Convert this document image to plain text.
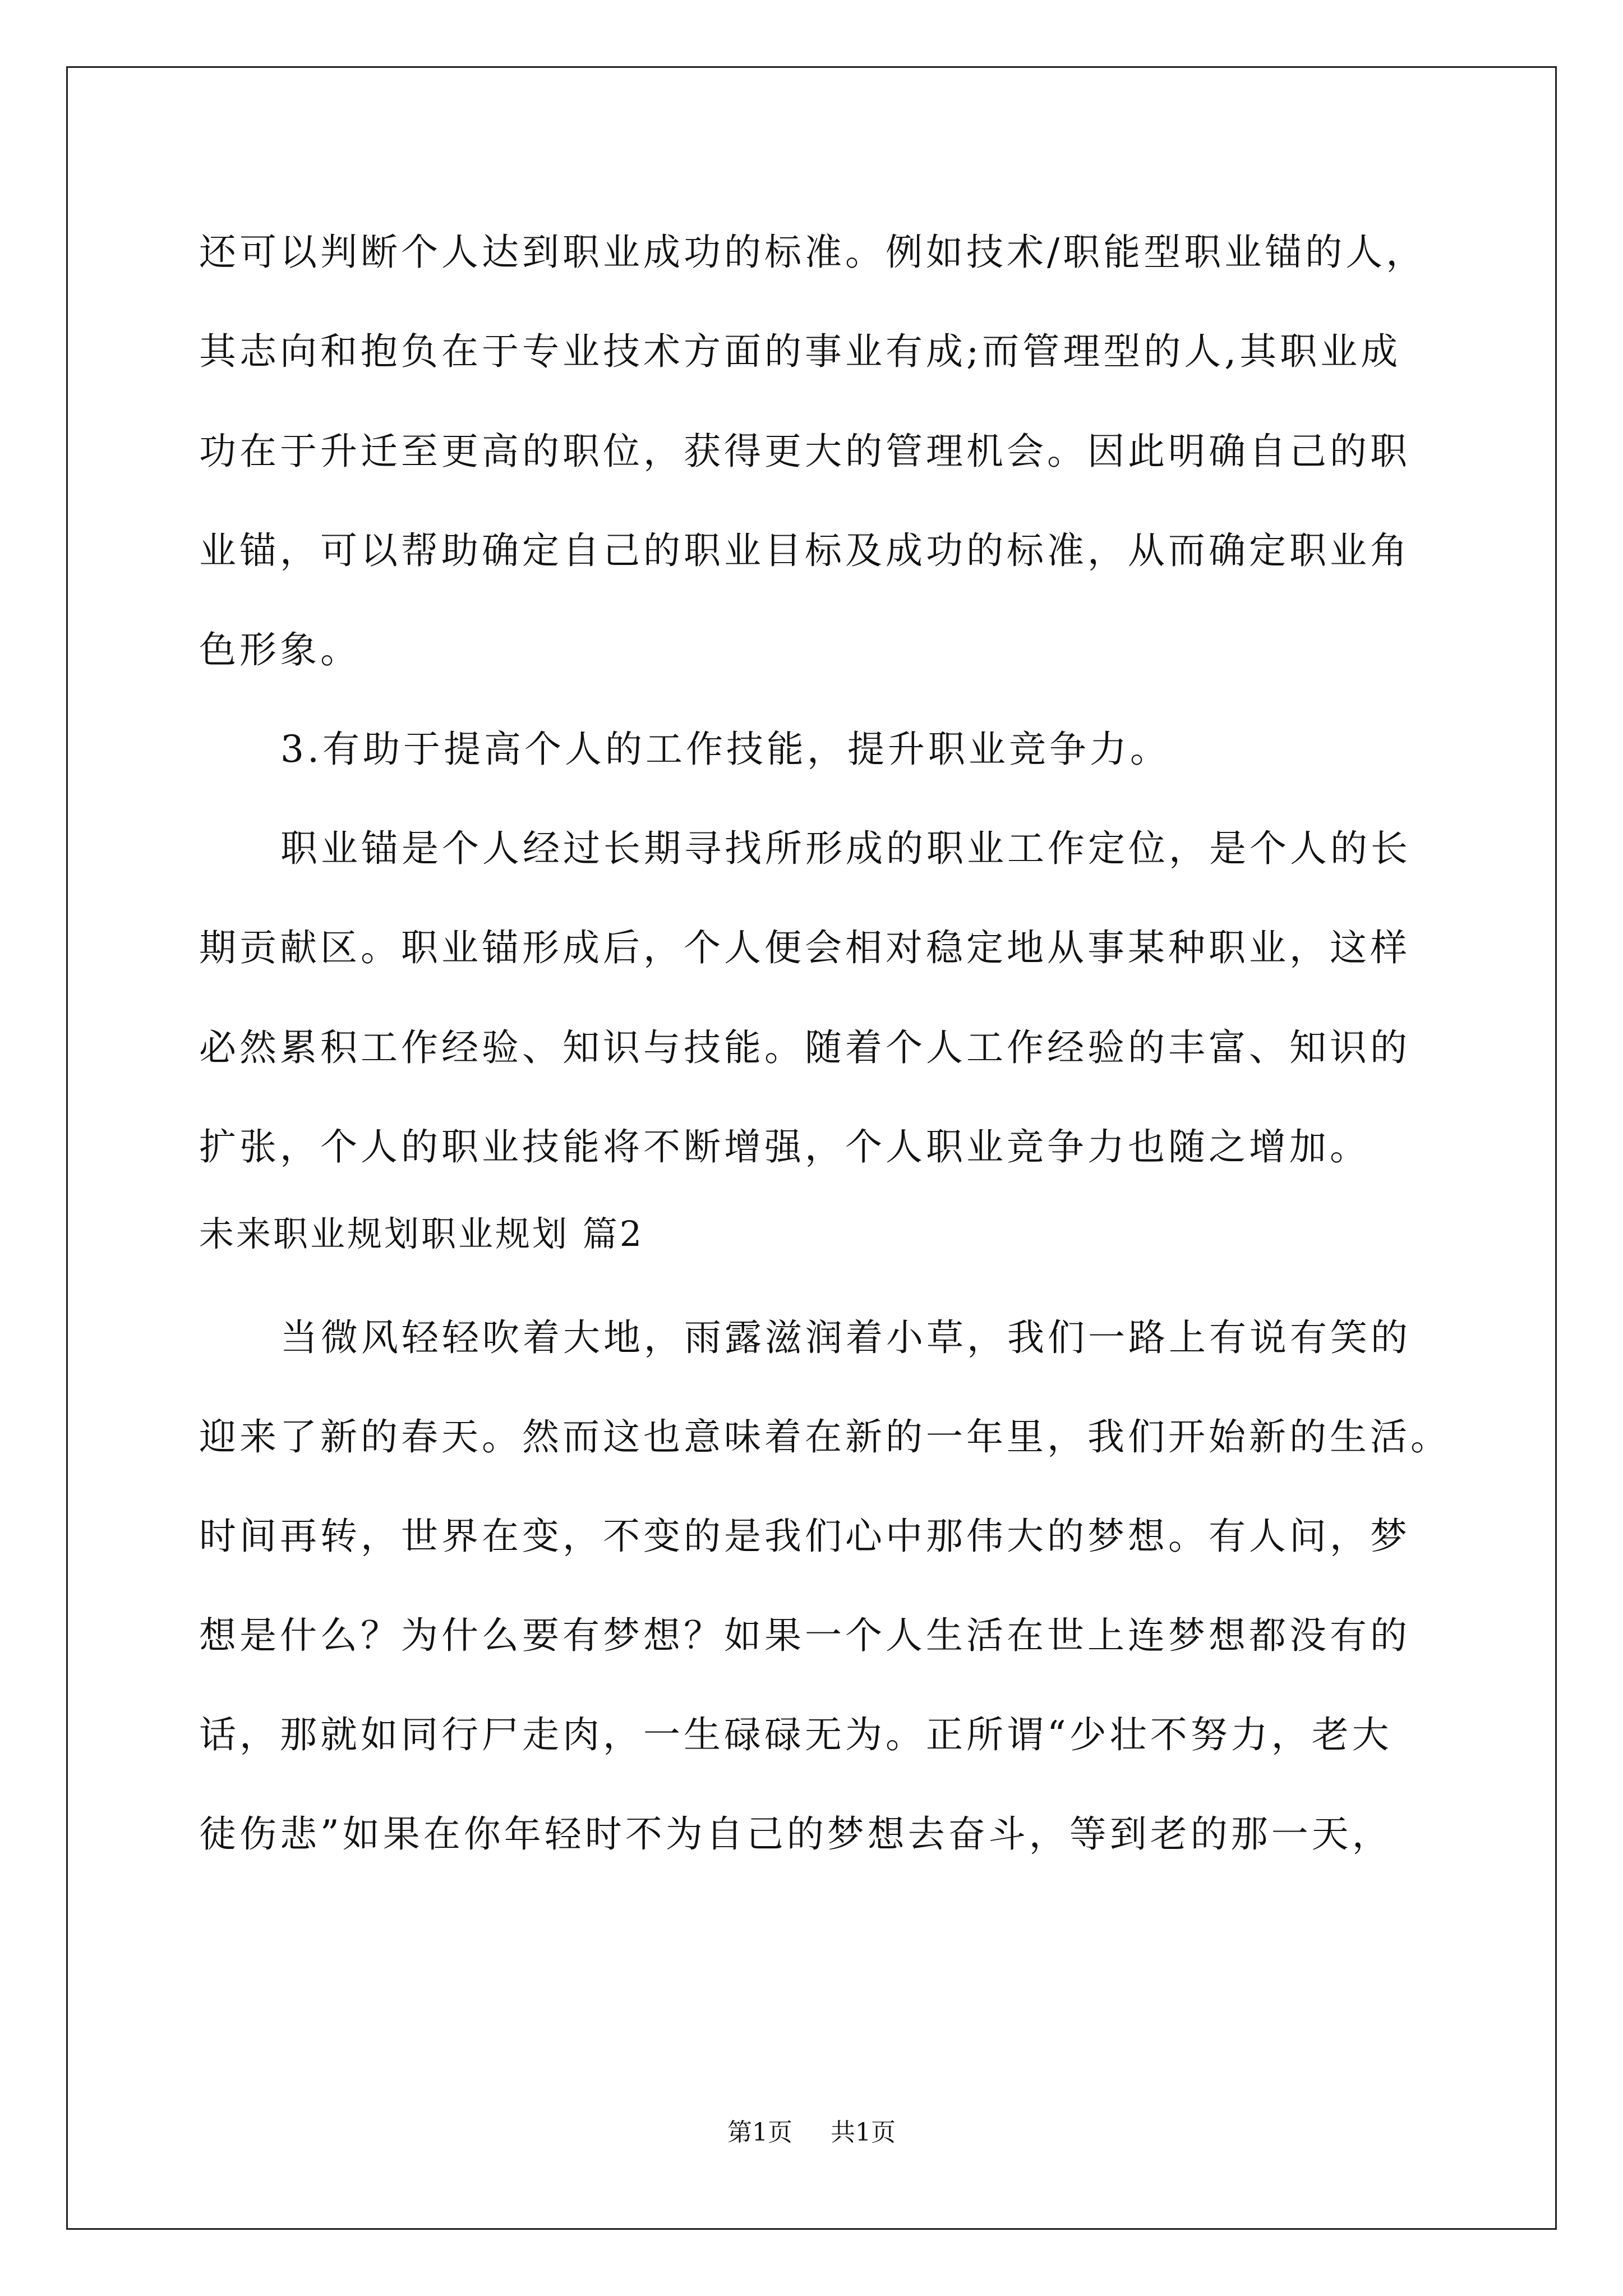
还可以判断个人达到职业成功的标准。例如技术/职能型职业锚的人，
其志向和抱负在于专业技术方面的事业有成;而管理型的人,其职业成
功在于升迁至更高的职位，获得更大的管理机会。因此明确自己的职
业锚，可以帮助确定自己的职业目标及成功的标准，从而确定职业角
色形象。
3.有助于提高个人的工作技能，提升职业竞争力。
职业锚是个人经过长期寻找所形成的职业工作定位，是个人的长
期贡献区。职业锚形成后，个人便会相对稳定地从事某种职业，这样
必然累积工作经验、知识与技能。随着个人工作经验的丰富、知识的
扩张，个人的职业技能将不断增强，个人职业竞争力也随之增加。
未来职业规划职业规划 篇2
当微风轻轻吹着大地，雨露滋润着小草，我们一路上有说有笑的
迎来了新的春天。然而这也意味着在新的一年里，我们开始新的生活。
时间再转，世界在变，不变的是我们心中那伟大的梦想。有人问，梦
想是什么？为什么要有梦想？如果一个人生活在世上连梦想都没有的
话，那就如同行尸走肉，一生碌碌无为。正所谓“少壮不努力，老大
徒伤悲”如果在你年轻时不为自己的梦想去奋斗，等到老的那一天，
第1页 共1页
